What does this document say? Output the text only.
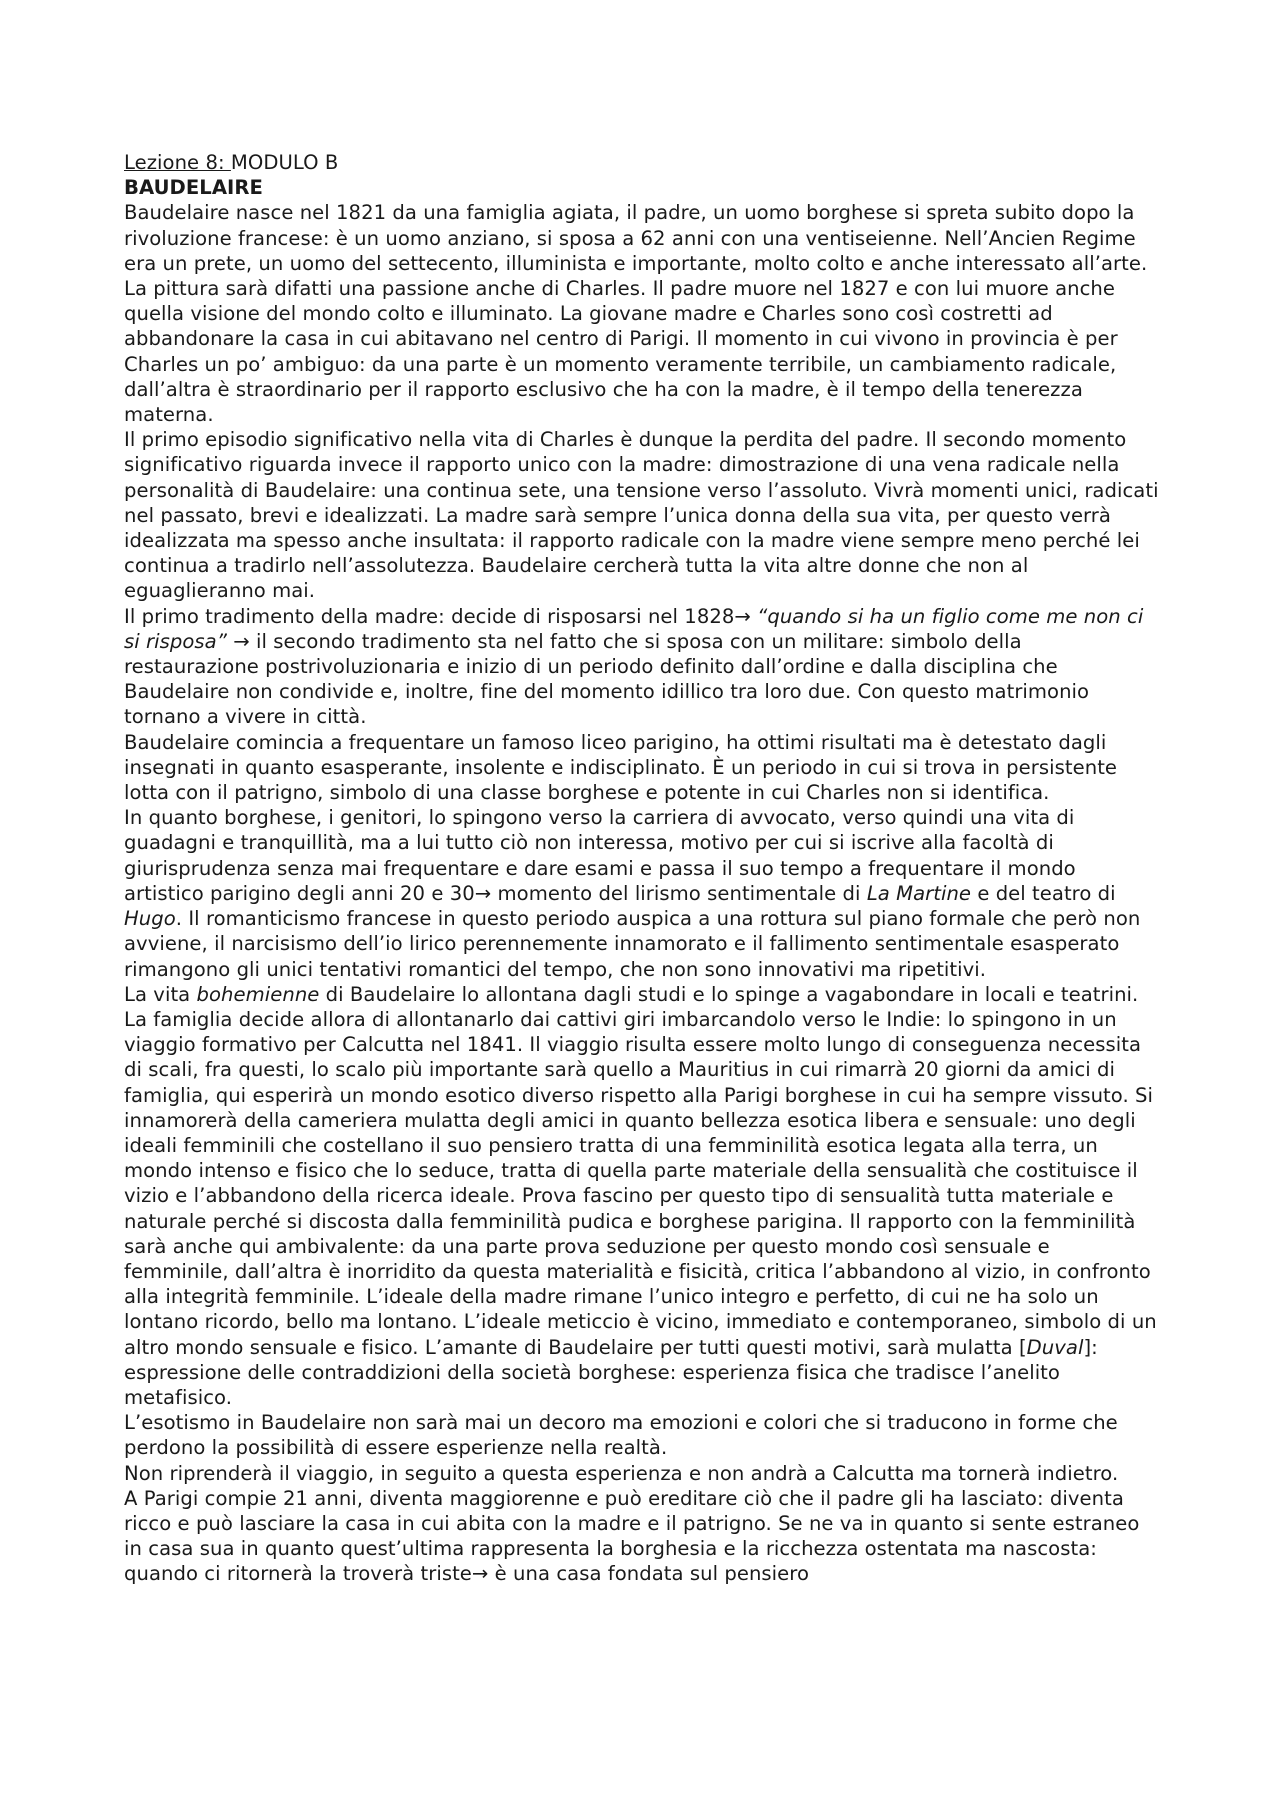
Lezione 8: MODULO B

BAUDELAIRE

Baudelaire nasce nel 1821 da una famiglia agiata, il padre, un uomo borghese si spreta subito dopo la rivoluzione francese: è un uomo anziano, si sposa a 62 anni con una ventiseienne. Nell’Ancien Regime era un prete, un uomo del settecento, illuminista e importante, molto colto e anche interessato all’arte. La pittura sarà difatti una passione anche di Charles. Il padre muore nel 1827 e con lui muore anche quella visione del mondo colto e illuminato. La giovane madre e Charles sono così costretti ad abbandonare la casa in cui abitavano nel centro di Parigi. Il momento in cui vivono in provincia è per Charles un po’ ambiguo: da una parte è un momento veramente terribile, un cambiamento radicale, dall’altra è straordinario per il rapporto esclusivo che ha con la madre, è il tempo della tenerezza materna.

Il primo episodio significativo nella vita di Charles è dunque la perdita del padre. Il secondo momento significativo riguarda invece il rapporto unico con la madre: dimostrazione di una vena radicale nella personalità di Baudelaire: una continua sete, una tensione verso l’assoluto. Vivrà momenti unici, radicati nel passato, brevi e idealizzati. La madre sarà sempre l’unica donna della sua vita, per questo verrà idealizzata ma spesso anche insultata: il rapporto radicale con la madre viene sempre meno perché lei continua a tradirlo nell’assolutezza. Baudelaire cercherà tutta la vita altre donne che non al eguaglieranno mai.

Il primo tradimento della madre: decide di risposarsi nel 1828→ “quando si ha un figlio come me non ci si risposa” → il secondo tradimento sta nel fatto che si sposa con un militare: simbolo della restaurazione postrivoluzionaria e inizio di un periodo definito dall’ordine e dalla disciplina che Baudelaire non condivide e, inoltre, fine del momento idillico tra loro due. Con questo matrimonio tornano a vivere in città.

Baudelaire comincia a frequentare un famoso liceo parigino, ha ottimi risultati ma è detestato dagli insegnati in quanto esasperante, insolente e indisciplinato. È un periodo in cui si trova in persistente lotta con il patrigno, simbolo di una classe borghese e potente in cui Charles non si identifica.

In quanto borghese, i genitori, lo spingono verso la carriera di avvocato, verso quindi una vita di guadagni e tranquillità, ma a lui tutto ciò non interessa, motivo per cui si iscrive alla facoltà di giurisprudenza senza mai frequentare e dare esami e passa il suo tempo a frequentare il mondo artistico parigino degli anni 20 e 30→ momento del lirismo sentimentale di La Martine e del teatro di Hugo. Il romanticismo francese in questo periodo auspica a una rottura sul piano formale che però non avviene, il narcisismo dell’io lirico perennemente innamorato e il fallimento sentimentale esasperato rimangono gli unici tentativi romantici del tempo, che non sono innovativi ma ripetitivi.

La vita bohemienne di Baudelaire lo allontana dagli studi e lo spinge a vagabondare in locali e teatrini. La famiglia decide allora di allontanarlo dai cattivi giri imbarcandolo verso le Indie: lo spingono in un viaggio formativo per Calcutta nel 1841. Il viaggio risulta essere molto lungo di conseguenza necessita di scali, fra questi, lo scalo più importante sarà quello a Mauritius in cui rimarrà 20 giorni da amici di famiglia, qui esperirà un mondo esotico diverso rispetto alla Parigi borghese in cui ha sempre vissuto. Si innamorerà della cameriera mulatta degli amici in quanto bellezza esotica libera e sensuale: uno degli ideali femminili che costellano il suo pensiero tratta di una femminilità esotica legata alla terra, un mondo intenso e fisico che lo seduce, tratta di quella parte materiale della sensualità che costituisce il vizio e l’abbandono della ricerca ideale. Prova fascino per questo tipo di sensualità tutta materiale e naturale perché si discosta dalla femminilità pudica e borghese parigina. Il rapporto con la femminilità sarà anche qui ambivalente: da una parte prova seduzione per questo mondo così sensuale e femminile, dall’altra è inorridito da questa materialità e fisicità, critica l’abbandono al vizio, in confronto alla integrità femminile. L’ideale della madre rimane l’unico integro e perfetto, di cui ne ha solo un lontano ricordo, bello ma lontano. L’ideale meticcio è vicino, immediato e contemporaneo, simbolo di un altro mondo sensuale e fisico. L’amante di Baudelaire per tutti questi motivi, sarà mulatta [Duval]: espressione delle contraddizioni della società borghese: esperienza fisica che tradisce l’anelito metafisico.

L’esotismo in Baudelaire non sarà mai un decoro ma emozioni e colori che si traducono in forme che perdono la possibilità di essere esperienze nella realtà.

Non riprenderà il viaggio, in seguito a questa esperienza e non andrà a Calcutta ma tornerà indietro.

A Parigi compie 21 anni, diventa maggiorenne e può ereditare ciò che il padre gli ha lasciato: diventa ricco e può lasciare la casa in cui abita con la madre e il patrigno. Se ne va in quanto si sente estraneo in casa sua in quanto quest’ultima rappresenta la borghesia e la ricchezza ostentata ma nascosta: quando ci ritornerà la troverà triste→ è una casa fondata sul pensiero
